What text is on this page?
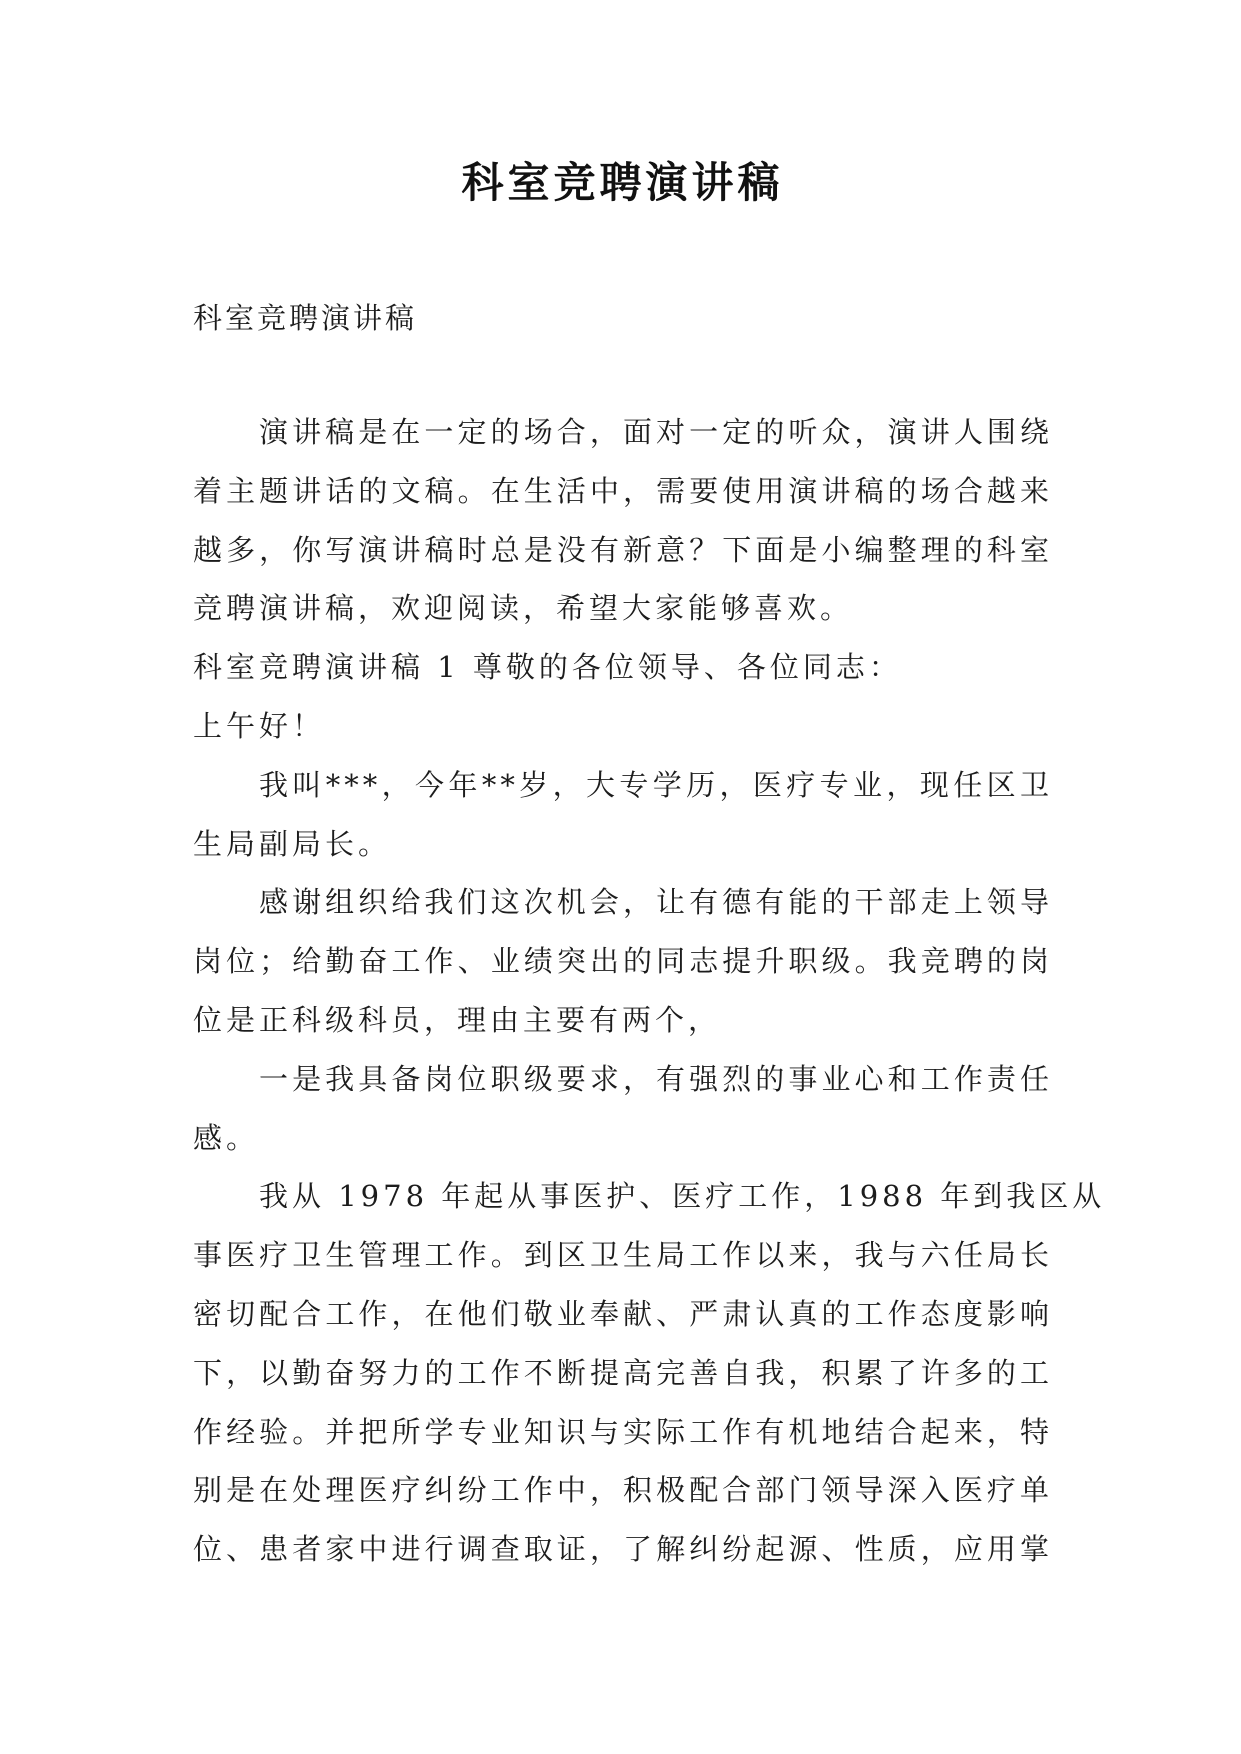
科室竞聘演讲稿
科室竞聘演讲稿
演讲稿是在一定的场合，面对一定的听众，演讲人围绕
着主题讲话的文稿。在生活中，需要使用演讲稿的场合越来
越多，你写演讲稿时总是没有新意？下面是小编整理的科室
竞聘演讲稿，欢迎阅读，希望大家能够喜欢。
科室竞聘演讲稿 1 尊敬的各位领导、各位同志：
上午好！
我叫***，今年**岁，大专学历，医疗专业，现任区卫
生局副局长。
感谢组织给我们这次机会，让有德有能的干部走上领导
岗位；给勤奋工作、业绩突出的同志提升职级。我竞聘的岗
位是正科级科员，理由主要有两个，
一是我具备岗位职级要求，有强烈的事业心和工作责任
感。
我从 1978 年起从事医护、医疗工作，1988 年到我区从
事医疗卫生管理工作。到区卫生局工作以来，我与六任局长
密切配合工作，在他们敬业奉献、严肃认真的工作态度影响
下，以勤奋努力的工作不断提高完善自我，积累了许多的工
作经验。并把所学专业知识与实际工作有机地结合起来，特
别是在处理医疗纠纷工作中，积极配合部门领导深入医疗单
位、患者家中进行调查取证，了解纠纷起源、性质，应用掌
